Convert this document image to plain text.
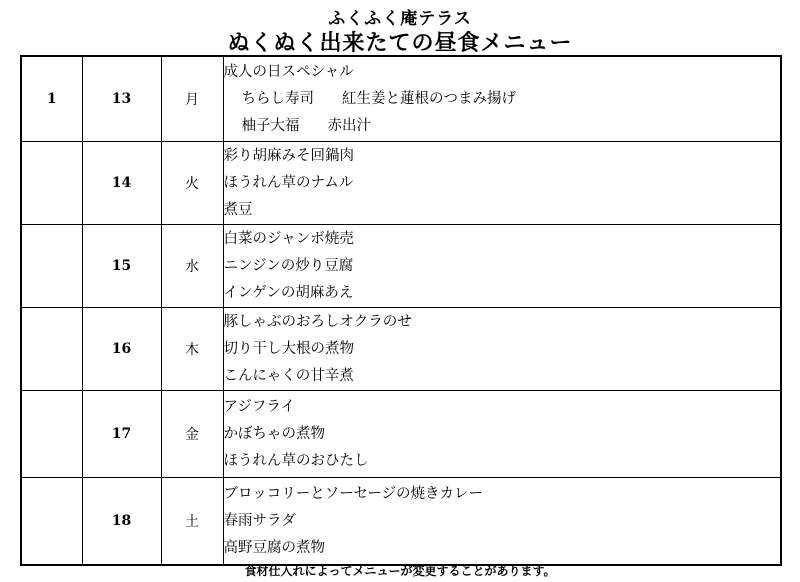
ふくふく庵テラス
ぬくぬく出来たての昼食メニュー
1	13	月	成人の日スペシャル
ちらし寿司 紅生姜と蓮根のつまみ揚げ
柚子大福 赤出汁

	14	火	彩り胡麻みそ回鍋肉
ほうれん草のナムル
煮豆

	15	水	白菜のジャンボ焼売
ニンジンの炒り豆腐
インゲンの胡麻あえ

	16	木	豚しゃぶのおろしオクラのせ
切り干し大根の煮物
こんにゃくの甘辛煮

	17	金	アジフライ
かぼちゃの煮物
ほうれん草のおひたし

	18	土	ブロッコリーとソーセージの焼きカレー
春雨サラダ
高野豆腐の煮物
食材仕入れによってメニューが変更することがあります。
